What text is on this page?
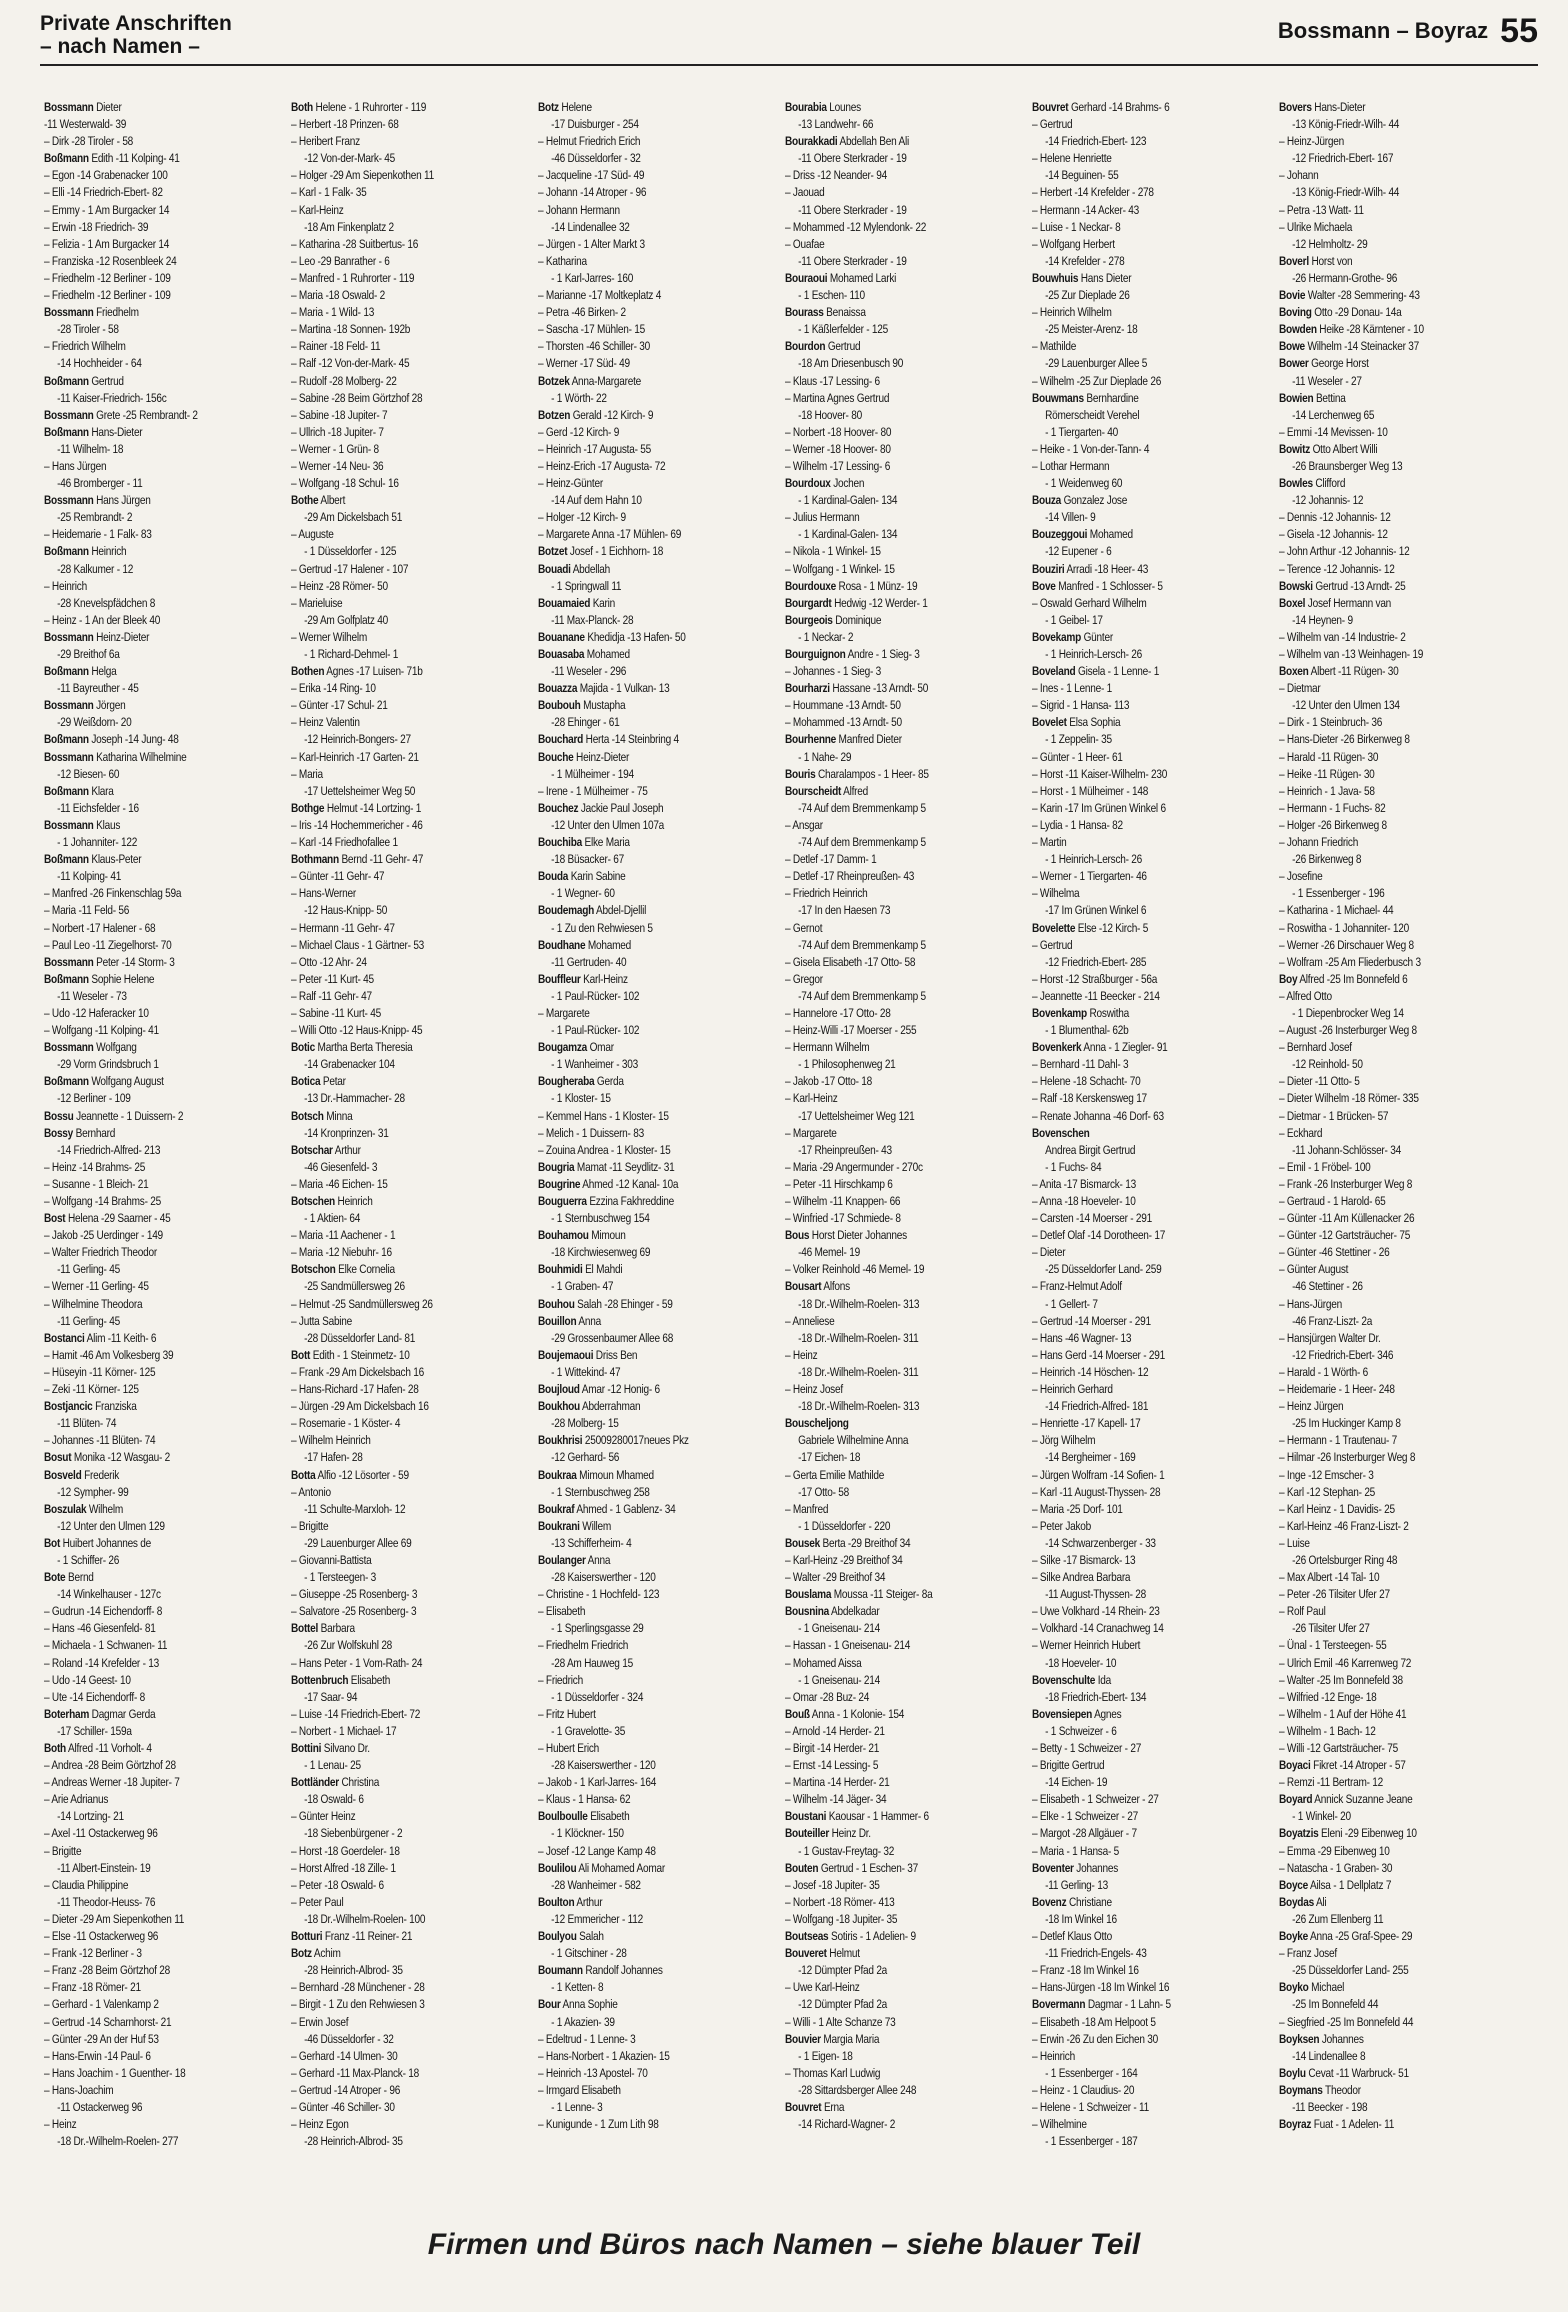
Private Anschriften
– nach Namen –
Bossmann – Boyraz 55
Bossmann Dieter
-11 Westerwald- 39
– Dirk -28 Tiroler - 58
Boßmann Edith -11 Kolping- 41
– Egon -14 Grabenacker 100
– Elli -14 Friedrich-Ebert- 82
– Emmy - 1 Am Burgacker 14
– Erwin -18 Friedrich- 39
– Felizia - 1 Am Burgacker 14
– Franziska -12 Rosenbleek 24
– Friedhelm -12 Berliner - 109
– Friedhelm -12 Berliner - 109
Bossmann Friedhelm
-28 Tiroler - 58
– Friedrich Wilhelm
-14 Hochheider - 64
Boßmann Gertrud
-11 Kaiser-Friedrich- 156c
Bossmann Grete -25 Rembrandt- 2
Boßmann Hans-Dieter
-11 Wilhelm- 18
– Hans Jürgen
-46 Bromberger - 11
Bossmann Hans Jürgen
-25 Rembrandt- 2
– Heidemarie - 1 Falk- 83
Boßmann Heinrich
-28 Kalkumer - 12
– Heinrich
-28 Knevelspfädchen 8
– Heinz - 1 An der Bleek 40
Bossmann Heinz-Dieter
-29 Breithof 6a
Boßmann Helga
-11 Bayreuther - 45
Bossmann Jörgen
-29 Weißdorn- 20
Boßmann Joseph -14 Jung- 48
Bossmann Katharina Wilhelmine
-12 Biesen- 60
Boßmann Klara
-11 Eichsfelder - 16
Bossmann Klaus
- 1 Johanniter- 122
Boßmann Klaus-Peter
-11 Kolping- 41
– Manfred -26 Finkenschlag 59a
– Maria -11 Feld- 56
– Norbert -17 Halener - 68
– Paul Leo -11 Ziegelhorst- 70
Bossmann Peter -14 Storm- 3
Boßmann Sophie Helene
-11 Weseler - 73
– Udo -12 Haferacker 10
– Wolfgang -11 Kolping- 41
Bossmann Wolfgang
-29 Vorm Grindsbruch 1
Boßmann Wolfgang August
-12 Berliner - 109
Bossu Jeannette - 1 Duissern- 2
Bossy Bernhard
-14 Friedrich-Alfred- 213
– Heinz -14 Brahms- 25
– Susanne - 1 Bleich- 21
– Wolfgang -14 Brahms- 25
Bost Helena -29 Saarner - 45
– Jakob -25 Uerdinger - 149
– Walter Friedrich Theodor
-11 Gerling- 45
– Werner -11 Gerling- 45
– Wilhelmine Theodora
-11 Gerling- 45
Bostanci Alim -11 Keith- 6
– Hamit -46 Am Volkesberg 39
– Hüseyin -11 Körner- 125
– Zeki -11 Körner- 125
Bostjancic Franziska
-11 Blüten- 74
– Johannes -11 Blüten- 74
Bosut Monika -12 Wasgau- 2
Bosveld Frederik
-12 Sympher- 99
Boszulak Wilhelm
-12 Unter den Ulmen 129
Bot Huibert Johannes de
- 1 Schiffer- 26
Bote Bernd
-14 Winkelhauser - 127c
– Gudrun -14 Eichendorff- 8
– Hans -46 Giesenfeld- 81
– Michaela - 1 Schwanen- 11
– Roland -14 Krefelder - 13
– Udo -14 Geest- 10
– Ute -14 Eichendorff- 8
Boterham Dagmar Gerda
-17 Schiller- 159a
Both Alfred -11 Vorholt- 4
– Andrea -28 Beim Görtzhof 28
– Andreas Werner -18 Jupiter- 7
– Arie Adrianus
-14 Lortzing- 21
– Axel -11 Ostackerweg 96
– Brigitte
-11 Albert-Einstein- 19
– Claudia Philippine
-11 Theodor-Heuss- 76
– Dieter -29 Am Siepenkothen 11
– Else -11 Ostackerweg 96
– Frank -12 Berliner - 3
– Franz -28 Beim Görtzhof 28
– Franz -18 Römer- 21
– Gerhard - 1 Valenkamp 2
– Gertrud -14 Scharnhorst- 21
– Günter -29 An der Huf 53
– Hans-Erwin -14 Paul- 6
– Hans Joachim - 1 Guenther- 18
– Hans-Joachim
-11 Ostackerweg 96
– Heinz
-18 Dr.-Wilhelm-Roelen- 277
Both Helene - 1 Ruhrorter - 119
– Herbert -18 Prinzen- 68
– Heribert Franz
-12 Von-der-Mark- 45
– Holger -29 Am Siepenkothen 11
– Karl - 1 Falk- 35
– Karl-Heinz
-18 Am Finkenplatz 2
– Katharina -28 Suitbertus- 16
– Leo -29 Banrather - 6
– Manfred - 1 Ruhrorter - 119
– Maria -18 Oswald- 2
– Maria - 1 Wild- 13
– Martina -18 Sonnen- 192b
– Rainer -18 Feld- 11
– Ralf -12 Von-der-Mark- 45
– Rudolf -28 Molberg- 22
– Sabine -28 Beim Görtzhof 28
– Sabine -18 Jupiter- 7
– Ullrich -18 Jupiter- 7
– Werner - 1 Grün- 8
– Werner -14 Neu- 36
– Wolfgang -18 Schul- 16
Bothe Albert
-29 Am Dickelsbach 51
– Auguste
- 1 Düsseldorfer - 125
– Gertrud -17 Halener - 107
– Heinz -28 Römer- 50
– Marieluise
-29 Am Golfplatz 40
– Werner Wilhelm
- 1 Richard-Dehmel- 1
Bothen Agnes -17 Luisen- 71b
– Erika -14 Ring- 10
– Günter -17 Schul- 21
– Heinz Valentin
-12 Heinrich-Bongers- 27
– Karl-Heinrich -17 Garten- 21
– Maria
-17 Uettelsheimer Weg 50
Bothge Helmut -14 Lortzing- 1
– Iris -14 Hochemmericher - 46
– Karl -14 Friedhofallee 1
Bothmann Bernd -11 Gehr- 47
– Günter -11 Gehr- 47
– Hans-Werner
-12 Haus-Knipp- 50
– Hermann -11 Gehr- 47
– Michael Claus - 1 Gärtner- 53
– Otto -12 Ahr- 24
– Peter -11 Kurt- 45
– Ralf -11 Gehr- 47
– Sabine -11 Kurt- 45
– Willi Otto -12 Haus-Knipp- 45
Botic Martha Berta Theresia
-14 Grabenacker 104
Botica Petar
-13 Dr.-Hammacher- 28
Botsch Minna
-14 Kronprinzen- 31
Botschar Arthur
-46 Giesenfeld- 3
– Maria -46 Eichen- 15
Botschen Heinrich
- 1 Aktien- 64
– Maria -11 Aachener - 1
– Maria -12 Niebuhr- 16
Botschon Elke Cornelia
-25 Sandmüllersweg 26
– Helmut -25 Sandmüllersweg 26
– Jutta Sabine
-28 Düsseldorfer Land- 81
Bott Edith - 1 Steinmetz- 10
– Frank -29 Am Dickelsbach 16
– Hans-Richard -17 Hafen- 28
– Jürgen -29 Am Dickelsbach 16
– Rosemarie - 1 Köster- 4
– Wilhelm Heinrich
-17 Hafen- 28
Botta Alfio -12 Lösorter - 59
– Antonio
-11 Schulte-Marxloh- 12
– Brigitte
-29 Lauenburger Allee 69
– Giovanni-Battista
- 1 Tersteegen- 3
– Giuseppe -25 Rosenberg- 3
– Salvatore -25 Rosenberg- 3
Bottel Barbara
-26 Zur Wolfskuhl 28
– Hans Peter - 1 Vom-Rath- 24
Bottenbruch Elisabeth
-17 Saar- 94
– Luise -14 Friedrich-Ebert- 72
– Norbert - 1 Michael- 17
Bottini Silvano Dr.
- 1 Lenau- 25
Bottländer Christina
-18 Oswald- 6
– Günter Heinz
-18 Siebenbürgener - 2
– Horst -18 Goerdeler- 18
– Horst Alfred -18 Zille- 1
– Peter -18 Oswald- 6
– Peter Paul
-18 Dr.-Wilhelm-Roelen- 100
Botturi Franz -11 Reiner- 21
Botz Achim
-28 Heinrich-Albrod- 35
– Bernhard -28 Münchener - 28
– Birgit - 1 Zu den Rehwiesen 3
– Erwin Josef
-46 Düsseldorfer - 32
– Gerhard -14 Ulmen- 30
– Gerhard -11 Max-Planck- 18
– Gertrud -14 Atroper - 96
– Günter -46 Schiller- 30
– Heinz Egon
-28 Heinrich-Albrod- 35
Botz Helene
-17 Duisburger - 254
– Helmut Friedrich Erich
-46 Düsseldorfer - 32
– Jacqueline -17 Süd- 49
– Johann -14 Atroper - 96
– Johann Hermann
-14 Lindenallee 32
– Jürgen - 1 Alter Markt 3
– Katharina
- 1 Karl-Jarres- 160
– Marianne -17 Moltkeplatz 4
– Petra -46 Birken- 2
– Sascha -17 Mühlen- 15
– Thorsten -46 Schiller- 30
– Werner -17 Süd- 49
Botzek Anna-Margarete
- 1 Wörth- 22
Botzen Gerald -12 Kirch- 9
– Gerd -12 Kirch- 9
– Heinrich -17 Augusta- 55
– Heinz-Erich -17 Augusta- 72
– Heinz-Günter
-14 Auf dem Hahn 10
– Holger -12 Kirch- 9
– Margarete Anna -17 Mühlen- 69
Botzet Josef - 1 Eichhorn- 18
Bouadi Abdellah
- 1 Springwall 11
Bouamaied Karin
-11 Max-Planck- 28
Bouanane Khedidja -13 Hafen- 50
Bouasaba Mohamed
-11 Weseler - 296
Bouazza Majida - 1 Vulkan- 13
Boubouh Mustapha
-28 Ehinger - 61
Bouchard Herta -14 Steinbring 4
Bouche Heinz-Dieter
- 1 Mülheimer - 194
– Irene - 1 Mülheimer - 75
Bouchez Jackie Paul Joseph
-12 Unter den Ulmen 107a
Bouchiba Elke Maria
-18 Büsacker- 67
Bouda Karin Sabine
- 1 Wegner- 60
Boudemagh Abdel-Djellil
- 1 Zu den Rehwiesen 5
Boudhane Mohamed
-11 Gertruden- 40
Bouffleur Karl-Heinz
- 1 Paul-Rücker- 102
– Margarete
- 1 Paul-Rücker- 102
Bougamza Omar
- 1 Wanheimer - 303
Bougheraba Gerda
- 1 Kloster- 15
– Kemmel Hans - 1 Kloster- 15
– Melich - 1 Duissern- 83
– Zouina Andrea - 1 Kloster- 15
Bougria Mamat -11 Seydlitz- 31
Bougrine Ahmed -12 Kanal- 10a
Bouguerra Ezzina Fakhreddine
- 1 Sternbuschweg 154
Bouhamou Mimoun
-18 Kirchwiesenweg 69
Bouhmidi El Mahdi
- 1 Graben- 47
Bouhou Salah -28 Ehinger - 59
Bouillon Anna
-29 Grossenbaumer Allee 68
Boujemaoui Driss Ben
- 1 Wittekind- 47
Boujloud Amar -12 Honig- 6
Boukhou Abderrahman
-28 Molberg- 15
Boukhrisi 25009280017neues Pkz
-12 Gerhard- 56
Boukraa Mimoun Mhamed
- 1 Sternbuschweg 258
Boukraf Ahmed - 1 Gablenz- 34
Boukrani Willem
-13 Schifferheim- 4
Boulanger Anna
-28 Kaiserswerther - 120
– Christine - 1 Hochfeld- 123
– Elisabeth
- 1 Sperlingsgasse 29
– Friedhelm Friedrich
-28 Am Hauweg 15
– Friedrich
- 1 Düsseldorfer - 324
– Fritz Hubert
- 1 Gravelotte- 35
– Hubert Erich
-28 Kaiserswerther - 120
– Jakob - 1 Karl-Jarres- 164
– Klaus - 1 Hansa- 62
Boulboulle Elisabeth
- 1 Klöckner- 150
– Josef -12 Lange Kamp 48
Boulilou Ali Mohamed Aomar
-28 Wanheimer - 582
Boulton Arthur
-12 Emmericher - 112
Boulyou Salah
- 1 Gitschiner - 28
Boumann Randolf Johannes
- 1 Ketten- 8
Bour Anna Sophie
- 1 Akazien- 39
– Edeltrud - 1 Lenne- 3
– Hans-Norbert - 1 Akazien- 15
– Heinrich -13 Apostel- 70
– Irmgard Elisabeth
- 1 Lenne- 3
– Kunigunde - 1 Zum Lith 98
Bourabia Lounes
-13 Landwehr- 66
Bourakkadi Abdellah Ben Ali
-11 Obere Sterkrader - 19
– Driss -12 Neander- 94
– Jaouad
-11 Obere Sterkrader - 19
– Mohammed -12 Mylendonk- 22
– Ouafae
-11 Obere Sterkrader - 19
Bouraoui Mohamed Larki
- 1 Eschen- 110
Bourass Benaissa
- 1 Käßlerfelder - 125
Bourdon Gertrud
-18 Am Driesenbusch 90
– Klaus -17 Lessing- 6
– Martina Agnes Gertrud
-18 Hoover- 80
– Norbert -18 Hoover- 80
– Werner -18 Hoover- 80
– Wilhelm -17 Lessing- 6
Bourdoux Jochen
- 1 Kardinal-Galen- 134
– Julius Hermann
- 1 Kardinal-Galen- 134
– Nikola - 1 Winkel- 15
– Wolfgang - 1 Winkel- 15
Bourdouxe Rosa - 1 Münz- 19
Bourgardt Hedwig -12 Werder- 1
Bourgeois Dominique
- 1 Neckar- 2
Bourguignon Andre - 1 Sieg- 3
– Johannes - 1 Sieg- 3
Bourharzi Hassane -13 Arndt- 50
– Hoummane -13 Arndt- 50
– Mohammed -13 Arndt- 50
Bourhenne Manfred Dieter
- 1 Nahe- 29
Bouris Charalampos - 1 Heer- 85
Bourscheidt Alfred
-74 Auf dem Bremmenkamp 5
– Ansgar
-74 Auf dem Bremmenkamp 5
– Detlef -17 Damm- 1
– Detlef -17 Rheinpreußen- 43
– Friedrich Heinrich
-17 In den Haesen 73
– Gernot
-74 Auf dem Bremmenkamp 5
– Gisela Elisabeth -17 Otto- 58
– Gregor
-74 Auf dem Bremmenkamp 5
– Hannelore -17 Otto- 28
– Heinz-Willi -17 Moerser - 255
– Hermann Wilhelm
- 1 Philosophenweg 21
– Jakob -17 Otto- 18
– Karl-Heinz
-17 Uettelsheimer Weg 121
– Margarete
-17 Rheinpreußen- 43
– Maria -29 Angermunder - 270c
– Peter -11 Hirschkamp 6
– Wilhelm -11 Knappen- 66
– Winfried -17 Schmiede- 8
Bous Horst Dieter Johannes
-46 Memel- 19
– Volker Reinhold -46 Memel- 19
Bousart Alfons
-18 Dr.-Wilhelm-Roelen- 313
– Anneliese
-18 Dr.-Wilhelm-Roelen- 311
– Heinz
-18 Dr.-Wilhelm-Roelen- 311
– Heinz Josef
-18 Dr.-Wilhelm-Roelen- 313
Bouscheljong
Gabriele Wilhelmine Anna
-17 Eichen- 18
– Gerta Emilie Mathilde
-17 Otto- 58
– Manfred
- 1 Düsseldorfer - 220
Bousek Berta -29 Breithof 34
– Karl-Heinz -29 Breithof 34
– Walter -29 Breithof 34
Bouslama Moussa -11 Steiger- 8a
Bousnina Abdelkadar
- 1 Gneisenau- 214
– Hassan - 1 Gneisenau- 214
– Mohamed Aissa
- 1 Gneisenau- 214
– Omar -28 Buz- 24
Bouß Anna - 1 Kolonie- 154
– Arnold -14 Herder- 21
– Birgit -14 Herder- 21
– Ernst -14 Lessing- 5
– Martina -14 Herder- 21
– Wilhelm -14 Jäger- 34
Boustani Kaousar - 1 Hammer- 6
Bouteiller Heinz Dr.
- 1 Gustav-Freytag- 32
Bouten Gertrud - 1 Eschen- 37
– Josef -18 Jupiter- 35
– Norbert -18 Römer- 413
– Wolfgang -18 Jupiter- 35
Boutseas Sotiris - 1 Adelien- 9
Bouveret Helmut
-12 Dümpter Pfad 2a
– Uwe Karl-Heinz
-12 Dümpter Pfad 2a
– Willi - 1 Alte Schanze 73
Bouvier Margia Maria
- 1 Eigen- 18
– Thomas Karl Ludwig
-28 Sittardsberger Allee 248
Bouvret Erna
-14 Richard-Wagner- 2
Bouvret Gerhard -14 Brahms- 6
– Gertrud
-14 Friedrich-Ebert- 123
– Helene Henriette
-14 Beguinen- 55
– Herbert -14 Krefelder - 278
– Hermann -14 Acker- 43
– Luise - 1 Neckar- 8
– Wolfgang Herbert
-14 Krefelder - 278
Bouwhuis Hans Dieter
-25 Zur Dieplade 26
– Heinrich Wilhelm
-25 Meister-Arenz- 18
– Mathilde
-29 Lauenburger Allee 5
– Wilhelm -25 Zur Dieplade 26
Bouwmans Bernhardine
Römerscheidt Verehel
- 1 Tiergarten- 40
– Heike - 1 Von-der-Tann- 4
– Lothar Hermann
- 1 Weidenweg 60
Bouza Gonzalez Jose
-14 Villen- 9
Bouzeggoui Mohamed
-12 Eupener - 6
Bouziri Arradi -18 Heer- 43
Bove Manfred - 1 Schlosser- 5
– Oswald Gerhard Wilhelm
- 1 Geibel- 17
Bovekamp Günter
- 1 Heinrich-Lersch- 26
Boveland Gisela - 1 Lenne- 1
– Ines - 1 Lenne- 1
– Sigrid - 1 Hansa- 113
Bovelet Elsa Sophia
- 1 Zeppelin- 35
– Günter - 1 Heer- 61
– Horst -11 Kaiser-Wilhelm- 230
– Horst - 1 Mülheimer - 148
– Karin -17 Im Grünen Winkel 6
– Lydia - 1 Hansa- 82
– Martin
- 1 Heinrich-Lersch- 26
– Werner - 1 Tiergarten- 46
– Wilhelma
-17 Im Grünen Winkel 6
Bovelette Else -12 Kirch- 5
– Gertrud
-12 Friedrich-Ebert- 285
– Horst -12 Straßburger - 56a
– Jeannette -11 Beecker - 214
Bovenkamp Roswitha
- 1 Blumenthal- 62b
Bovenkerk Anna - 1 Ziegler- 91
– Bernhard -11 Dahl- 3
– Helene -18 Schacht- 70
– Ralf -18 Kerskensweg 17
– Renate Johanna -46 Dorf- 63
Bovenschen
Andrea Birgit Gertrud
- 1 Fuchs- 84
– Anita -17 Bismarck- 13
– Anna -18 Hoeveler- 10
– Carsten -14 Moerser - 291
– Detlef Olaf -14 Dorotheen- 17
– Dieter
-25 Düsseldorfer Land- 259
– Franz-Helmut Adolf
- 1 Gellert- 7
– Gertrud -14 Moerser - 291
– Hans -46 Wagner- 13
– Hans Gerd -14 Moerser - 291
– Heinrich -14 Höschen- 12
– Heinrich Gerhard
-14 Friedrich-Alfred- 181
– Henriette -17 Kapell- 17
– Jörg Wilhelm
-14 Bergheimer - 169
– Jürgen Wolfram -14 Sofien- 1
– Karl -11 August-Thyssen- 28
– Maria -25 Dorf- 101
– Peter Jakob
-14 Schwarzenberger - 33
– Silke -17 Bismarck- 13
– Silke Andrea Barbara
-11 August-Thyssen- 28
– Uwe Volkhard -14 Rhein- 23
– Volkhard -14 Cranachweg 14
– Werner Heinrich Hubert
-18 Hoeveler- 10
Bovenschulte Ida
-18 Friedrich-Ebert- 134
Bovensiepen Agnes
- 1 Schweizer - 6
– Betty - 1 Schweizer - 27
– Brigitte Gertrud
-14 Eichen- 19
– Elisabeth - 1 Schweizer - 27
– Elke - 1 Schweizer - 27
– Margot -28 Allgäuer - 7
– Maria - 1 Hansa- 5
Boventer Johannes
-11 Gerling- 13
Bovenz Christiane
-18 Im Winkel 16
– Detlef Klaus Otto
-11 Friedrich-Engels- 43
– Franz -18 Im Winkel 16
– Hans-Jürgen -18 Im Winkel 16
Bovermann Dagmar - 1 Lahn- 5
– Elisabeth -18 Am Helpoot 5
– Erwin -26 Zu den Eichen 30
– Heinrich
- 1 Essenberger - 164
– Heinz - 1 Claudius- 20
– Helene - 1 Schweizer - 11
– Wilhelmine
- 1 Essenberger - 187
Bovers Hans-Dieter
-13 König-Friedr-Wilh- 44
– Heinz-Jürgen
-12 Friedrich-Ebert- 167
– Johann
-13 König-Friedr-Wilh- 44
– Petra -13 Watt- 11
– Ulrike Michaela
-12 Helmholtz- 29
Boverl Horst von
-26 Hermann-Grothe- 96
Bovie Walter -28 Semmering- 43
Boving Otto -29 Donau- 14a
Bowden Heike -28 Kärntener - 10
Bowe Wilhelm -14 Steinacker 37
Bower George Horst
-11 Weseler - 27
Bowien Bettina
-14 Lerchenweg 65
– Emmi -14 Mevissen- 10
Bowitz Otto Albert Willi
-26 Braunsberger Weg 13
Bowles Clifford
-12 Johannis- 12
– Dennis -12 Johannis- 12
– Gisela -12 Johannis- 12
– John Arthur -12 Johannis- 12
– Terence -12 Johannis- 12
Bowski Gertrud -13 Arndt- 25
Boxel Josef Hermann van
-14 Heynen- 9
– Wilhelm van -14 Industrie- 2
– Wilhelm van -13 Weinhagen- 19
Boxen Albert -11 Rügen- 30
– Dietmar
-12 Unter den Ulmen 134
– Dirk - 1 Steinbruch- 36
– Hans-Dieter -26 Birkenweg 8
– Harald -11 Rügen- 30
– Heike -11 Rügen- 30
– Heinrich - 1 Java- 58
– Hermann - 1 Fuchs- 82
– Holger -26 Birkenweg 8
– Johann Friedrich
-26 Birkenweg 8
– Josefine
- 1 Essenberger - 196
– Katharina - 1 Michael- 44
– Roswitha - 1 Johanniter- 120
– Werner -26 Dirschauer Weg 8
– Wolfram -25 Am Fliederbusch 3
Boy Alfred -25 Im Bonnefeld 6
– Alfred Otto
- 1 Diepenbrocker Weg 14
– August -26 Insterburger Weg 8
– Bernhard Josef
-12 Reinhold- 50
– Dieter -11 Otto- 5
– Dieter Wilhelm -18 Römer- 335
– Dietmar - 1 Brücken- 57
– Eckhard
-11 Johann-Schlösser- 34
– Emil - 1 Fröbel- 100
– Frank -26 Insterburger Weg 8
– Gertraud - 1 Harold- 65
– Günter -11 Am Küllenacker 26
– Günter -12 Gartsträucher- 75
– Günter -46 Stettiner - 26
– Günter August
-46 Stettiner - 26
– Hans-Jürgen
-46 Franz-Liszt- 2a
– Hansjürgen Walter Dr.
-12 Friedrich-Ebert- 346
– Harald - 1 Wörth- 6
– Heidemarie - 1 Heer- 248
– Heinz Jürgen
-25 Im Huckinger Kamp 8
– Hermann - 1 Trautenau- 7
– Hilmar -26 Insterburger Weg 8
– Inge -12 Emscher- 3
– Karl -12 Stephan- 25
– Karl Heinz - 1 Davidis- 25
– Karl-Heinz -46 Franz-Liszt- 2
– Luise
-26 Ortelsburger Ring 48
– Max Albert -14 Tal- 10
– Peter -26 Tilsiter Ufer 27
– Rolf Paul
-26 Tilsiter Ufer 27
– Ünal - 1 Tersteegen- 55
– Ulrich Emil -46 Karrenweg 72
– Walter -25 Im Bonnefeld 38
– Wilfried -12 Enge- 18
– Wilhelm - 1 Auf der Höhe 41
– Wilhelm - 1 Bach- 12
– Willi -12 Gartsträucher- 75
Boyaci Fikret -14 Atroper - 57
– Remzi -11 Bertram- 12
Boyard Annick Suzanne Jeane
- 1 Winkel- 20
Boyatzis Eleni -29 Eibenweg 10
– Emma -29 Eibenweg 10
– Natascha - 1 Graben- 30
Boyce Ailsa - 1 Dellplatz 7
Boydas Ali
-26 Zum Ellenberg 11
Boyke Anna -25 Graf-Spee- 29
– Franz Josef
-25 Düsseldorfer Land- 255
Boyko Michael
-25 Im Bonnefeld 44
– Siegfried -25 Im Bonnefeld 44
Boyksen Johannes
-14 Lindenallee 8
Boylu Cevat -11 Warbruck- 51
Boymans Theodor
-11 Beecker - 198
Boyraz Fuat - 1 Adelen- 11
Firmen und Büros nach Namen – siehe blauer Teil
